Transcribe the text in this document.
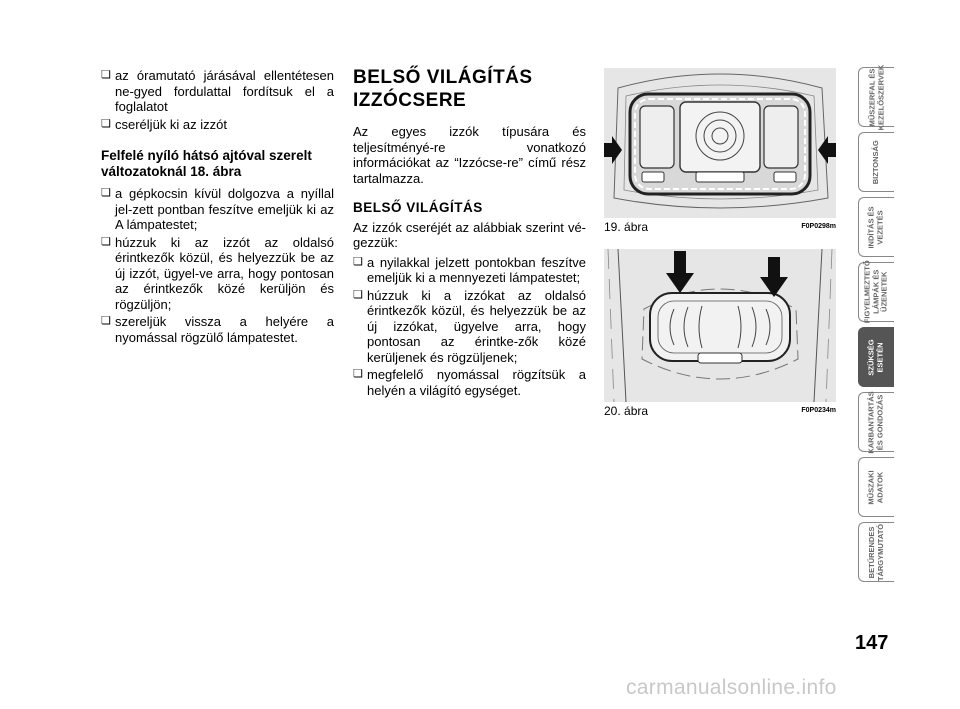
❏ az óramutató járásával ellentétesen ne-gyed fordulattal fordítsuk el a foglalatot
❏ cseréljük ki az izzót
Felfelé nyíló hátsó ajtóval szerelt változatoknál 18. ábra
❏ a gépkocsin kívül dolgozva a nyíllal jel-zett pontban feszítve emeljük ki az A lámpatestet;
❏ húzzuk ki az izzót az oldalsó érintkezők közül, és helyezzük be az új izzót, ügyel-ve arra, hogy pontosan az érintkezők közé kerüljön és rögzüljön;
❏ szereljük vissza a helyére a nyomással rögzülő lámpatestet.
BELSŐ VILÁGÍTÁS
IZZÓCSERE
Az egyes izzók típusára és teljesítményé-re vonatkozó információkat az “Izzócse-re” című rész tartalmazza.
BELSŐ VILÁGÍTÁS
Az izzók cseréjét az alábbiak szerint vé-gezzük:
❏ a nyilakkal jelzett pontokban feszítve emeljük ki a mennyezeti lámpatestet;
❏ húzzuk ki a izzókat az oldalsó érintkezők közül, és helyezzük be az új izzókat, ügyelve arra, hogy pontosan az érintke-zők közé kerüljenek és rögzüljenek;
❏ megfelelő nyomással rögzítsük a helyén a világító egységet.
19. ábra	F0P0298m
20. ábra	F0P0234m
MŰSZERFAL ÉS
KEZELŐSZERVEK
BIZTONSÁG
INDÍTÁS ÉS
VEZETÉS
FIGYELMEZTETŐ
LÁMPÁK ÉS
ÜZENETEK
SZÜKSÉG
ESETÉN
KARBANTARTÁS
ÉS GONDOZÁS
MŰSZAKI
ADATOK
BETŰRENDES
TÁRGYMUTATÓ
147
carmanualsonline.info
